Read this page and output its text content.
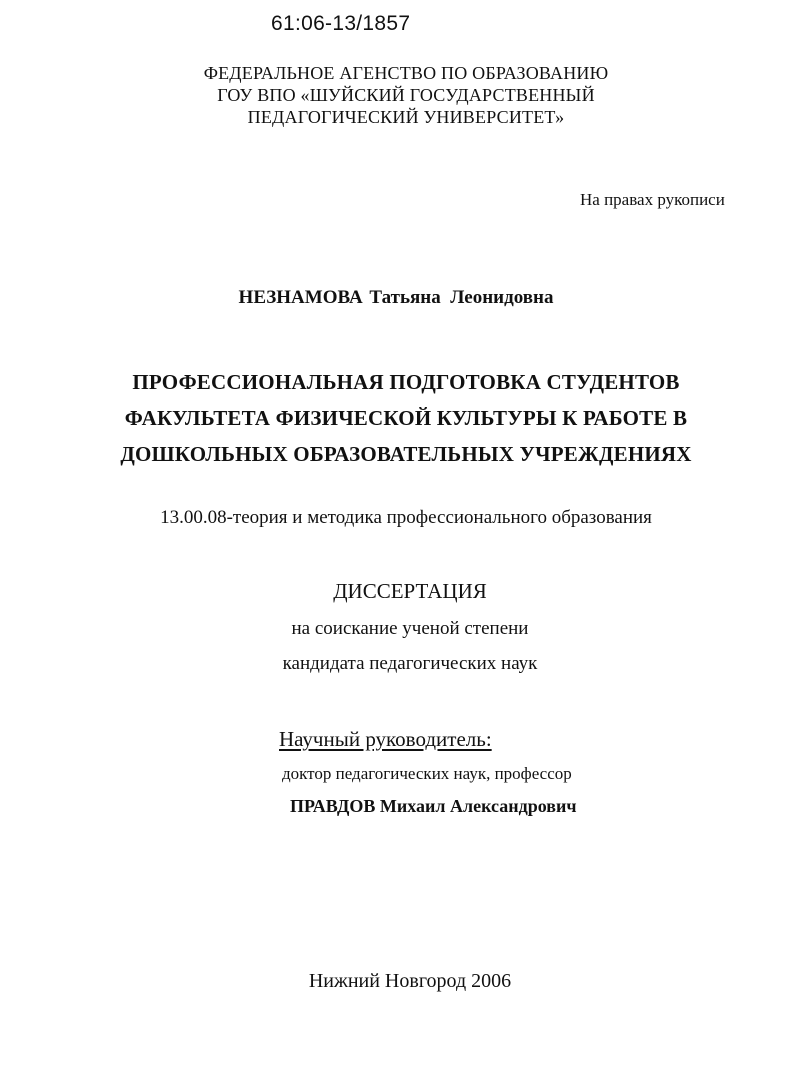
61:06-13/1857
ФЕДЕРАЛЬНОЕ АГЕНСТВО ПО ОБРАЗОВАНИЮ
ГОУ ВПО «ШУЙСКИЙ ГОСУДАРСТВЕННЫЙ
ПЕДАГОГИЧЕСКИЙ УНИВЕРСИТЕТ»
На правах рукописи
НЕЗНАМОВА Татьяна  Леонидовна
ПРОФЕССИОНАЛЬНАЯ ПОДГОТОВКА СТУДЕНТОВ
ФАКУЛЬТЕТА ФИЗИЧЕСКОЙ КУЛЬТУРЫ К РАБОТЕ В
ДОШКОЛЬНЫХ ОБРАЗОВАТЕЛЬНЫХ УЧРЕЖДЕНИЯХ
13.00.08-теория и методика профессионального образования
ДИССЕРТАЦИЯ
на соискание ученой степени
кандидата педагогических наук
Научный руководитель:
доктор педагогических наук, профессор
ПРАВДОВ Михаил Александрович
Нижний Новгород 2006
